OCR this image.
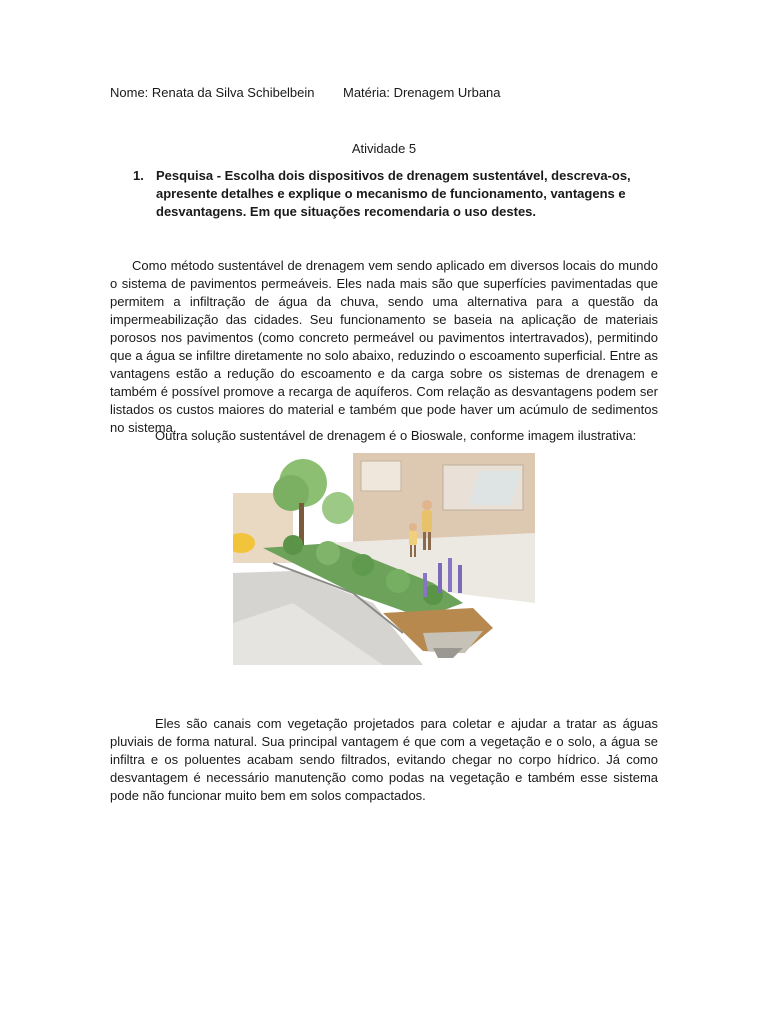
Nome: Renata da Silva Schibelbein Matéria: Drenagem Urbana
Atividade 5
1. Pesquisa - Escolha dois dispositivos de drenagem sustentável, descreva-os, apresente detalhes e explique o mecanismo de funcionamento, vantagens e desvantagens. Em que situações recomendaria o uso destes.

Como método sustentável de drenagem vem sendo aplicado em diversos locais do mundo o sistema de pavimentos permeáveis. Eles nada mais são que superfícies pavimentadas que permitem a infiltração de água da chuva, sendo uma alternativa para a questão da impermeabilização das cidades. Seu funcionamento se baseia na aplicação de materiais porosos nos pavimentos (como concreto permeável ou pavimentos intertravados), permitindo que a água se infiltre diretamente no solo abaixo, reduzindo o escoamento superficial. Entre as vantagens estão a redução do escoamento e da carga sobre os sistemas de drenagem e também é possível promove a recarga de aquíferos. Com relação as desvantagens podem ser listados os custos maiores do material e também que pode haver um acúmulo de sedimentos no sistema.

Outra solução sustentável de drenagem é o Bioswale, conforme imagem ilustrativa:

Eles são canais com vegetação projetados para coletar e ajudar a tratar as águas pluviais de forma natural. Sua principal vantagem é que com a vegetação e o solo, a água se infiltra e os poluentes acabam sendo filtrados, evitando chegar no corpo hídrico. Já como desvantagem é necessário manutenção como podas na vegetação e também esse sistema pode não funcionar muito bem em solos compactados.
